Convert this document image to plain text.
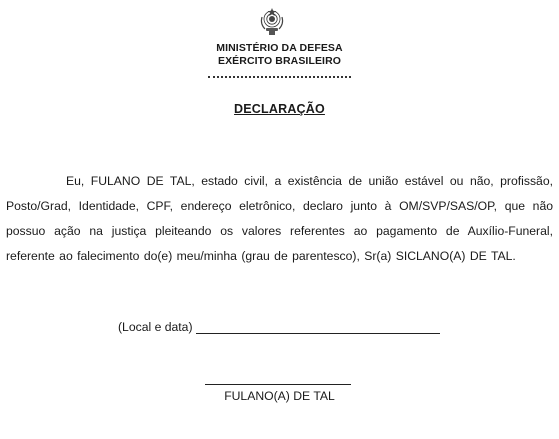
MINISTÉRIO DA DEFESA
EXÉRCITO BRASILEIRO
DECLARAÇÃO
Eu, FULANO DE TAL, estado civil, a existência de união estável ou não, profissão, Posto/Grad, Identidade, CPF, endereço eletrônico, declaro junto à OM/SVP/SAS/OP, que não possuo ação na justiça pleiteando os valores referentes ao pagamento de Auxílio-Funeral, referente ao falecimento do(e) meu/minha (grau de parentesco), Sr(a) SICLANO(A) DE TAL.
(Local e data)
FULANO(A) DE TAL
